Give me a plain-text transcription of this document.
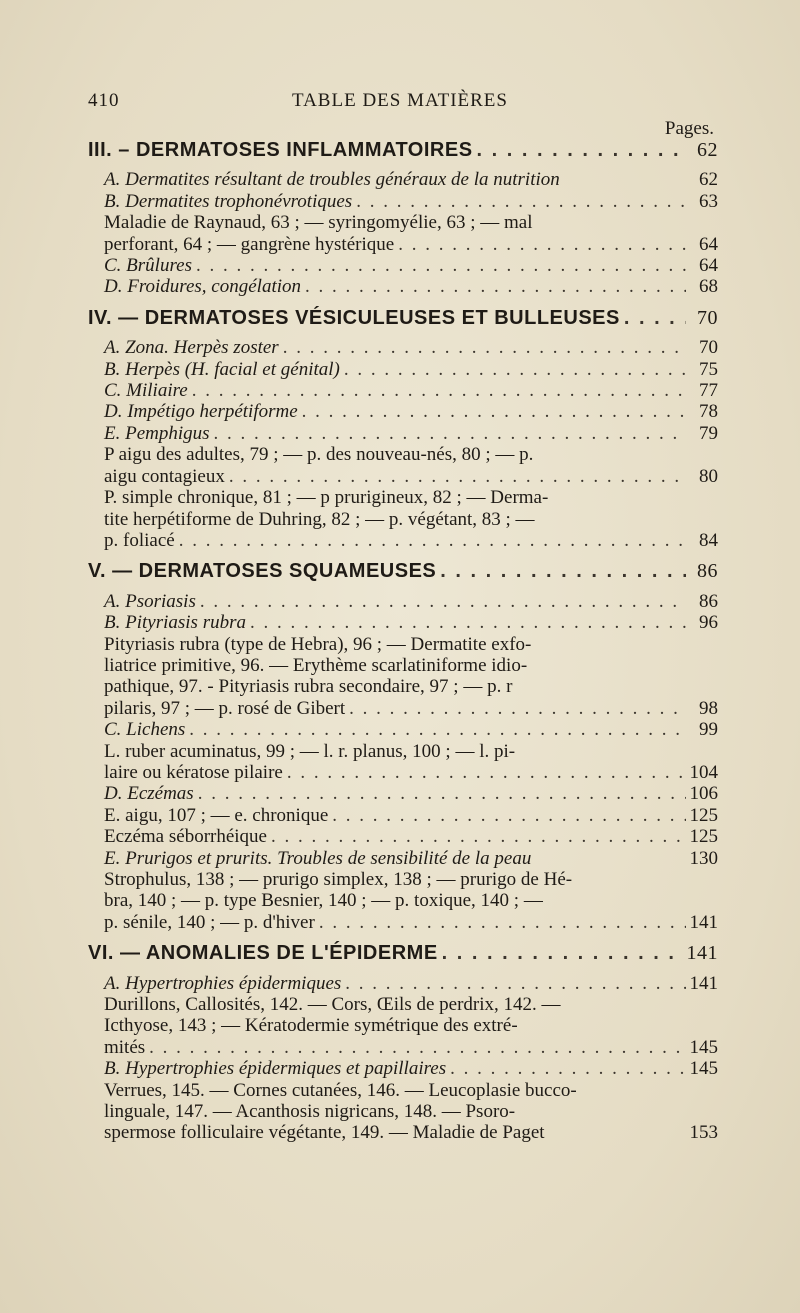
410	TABLE DES MATIÈRES
Pages.
III. – DERMATOSES INFLAMMATOIRES . . .	62
A. Dermatites résultant de troubles généraux de la nutrition	62
B. Dermatites trophonévrotiques . . .	63
Maladie de Raynaud, 63 ; — syringomyélie, 63 ; — mal
perforant, 64 ; — gangrène hystérique . . .	64
C. Brûlures . . .	64
D. Froidures, congélation . . .	68
IV. — DERMATOSES VÉSICULEUSES ET BULLEUSES . . .	70
A. Zona. Herpès zoster . . .	70
B. Herpès (H. facial et génital) . . .	75
C. Miliaire . . .	77
D. Impétigo herpétiforme . . .	78
E. Pemphigus . . .	79
P aigu des adultes, 79 ; — p. des nouveau-nés, 80 ; — p.
aigu contagieux . . .	80
P. simple chronique, 81 ; — p prurigineux, 82 ; — Derma-
tite herpétiforme de Duhring, 82 ; — p. végétant, 83 ; —
p. foliacé . . .	84
V. — DERMATOSES SQUAMEUSES . . .	86
A. Psoriasis . . .	86
B. Pityriasis rubra . . .	96
Pityriasis rubra (type de Hebra), 96 ; — Dermatite exfo-
liatrice primitive, 96. — Erythème scarlatiniforme idio-
pathique, 97. - Pityriasis rubra secondaire, 97 ; — p. r
pilaris, 97 ; — p. rosé de Gibert . . .	98
C. Lichens . . .	99
L. ruber acuminatus, 99 ; — l. r. planus, 100 ; — l. pi-
laire ou kératose pilaire . . .	104
D. Eczémas . . .	106
E. aigu, 107 ; — e. chronique . . .	125
Eczéma séborrhéique . . .	125
E. Prurigos et prurits. Troubles de sensibilité de la peau	130
Strophulus, 138 ; — prurigo simplex, 138 ; — prurigo de Hé-
bra, 140 ; — p. type Besnier, 140 ; — p. toxique, 140 ; —
p. sénile, 140 ; — p. d'hiver . . .	141
VI. — ANOMALIES DE L'ÉPIDERME . . .	141
A. Hypertrophies épidermiques . . .	141
Durillons, Callosités, 142. — Cors, Œils de perdrix, 142. —
Icthyose, 143 ; — Kératodermie symétrique des extré-
mités . . .	145
B. Hypertrophies épidermiques et papillaires . . .	145
Verrues, 145. — Cornes cutanées, 146. — Leucoplasie bucco-
linguale, 147. — Acanthosis nigricans, 148. — Psoro-
spermose folliculaire végétante, 149. — Maladie de Paget	153
